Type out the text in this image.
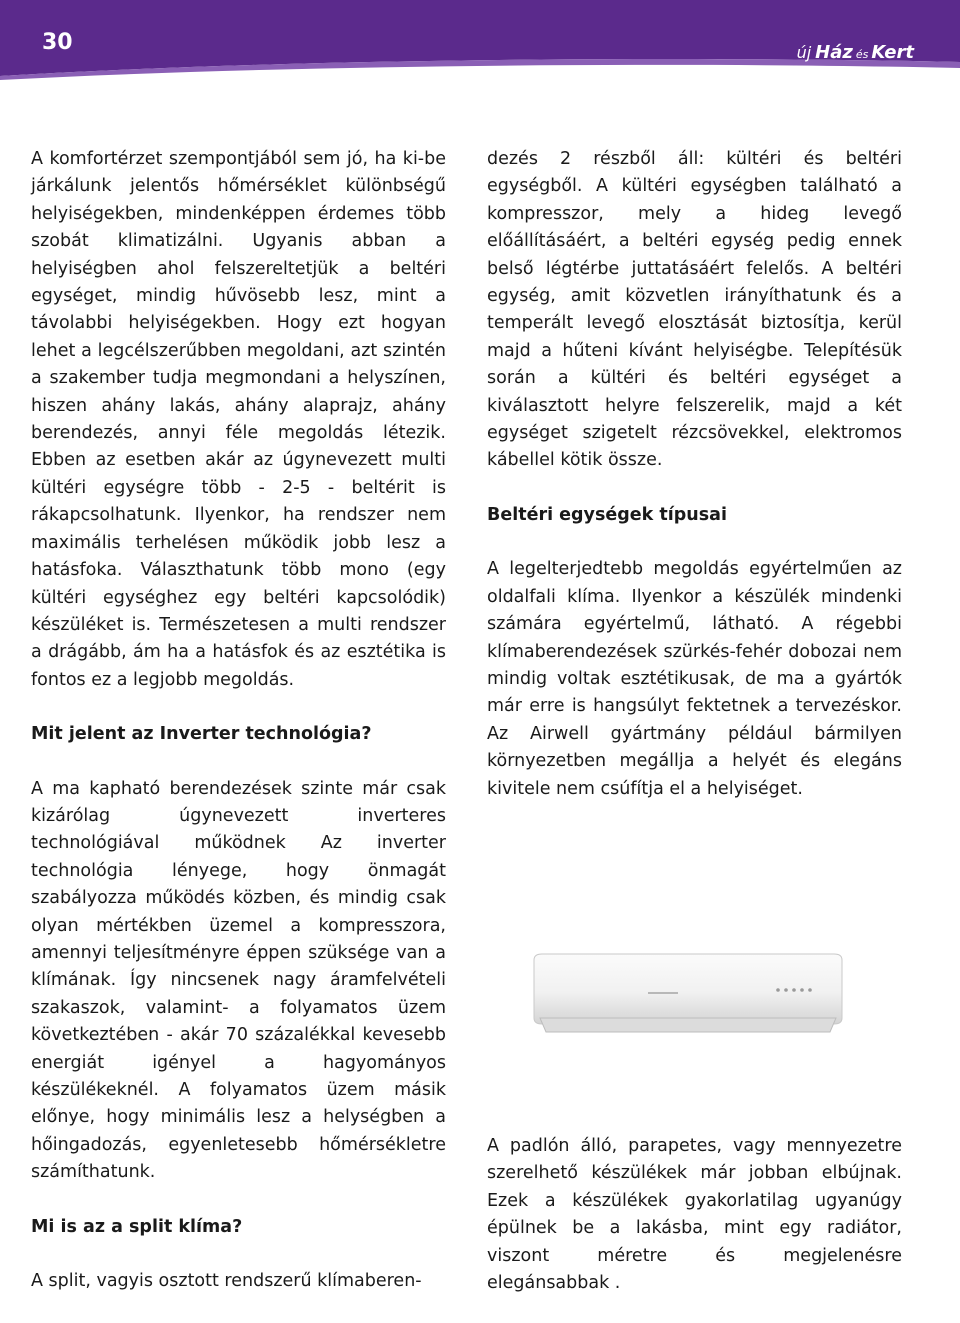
30	új Ház és Kert

A komfortérzet szempontjából sem jó, ha ki-be járkálunk jelentős hőmérséklet különbségű helyiségekben, mindenképpen érdemes több szobát klimatizálni. Ugyanis abban a helyiségben ahol felszereltetjük a beltéri egységet, mindig hűvösebb lesz, mint a távolabbi helyiségekben. Hogy ezt hogyan lehet a legcélszerűbben megoldani, azt szintén a szakember tudja megmondani a helyszínen, hiszen ahány lakás, ahány alaprajz, ahány berendezés, annyi féle megoldás létezik. Ebben az esetben akár az úgynevezett multi kültéri egységre több - 2-5 - beltérit is rákapcsolhatunk. Ilyenkor, ha rendszer nem maximális terhelésen működik jobb lesz a hatásfoka. Választhatunk több mono (egy kültéri egységhez egy beltéri kapcsolódik) készüléket is. Természetesen a multi rendszer a drágább, ám ha a hatásfok és az esztétika is fontos ez a legjobb megoldás.

Mit jelent az Inverter technológia?

A ma kapható berendezések szinte már csak kizárólag úgynevezett inverteres technológiával működnek Az inverter technológia lényege, hogy önmagát szabályozza működés közben, és mindig csak olyan mértékben üzemel a kompresszora, amennyi teljesítményre éppen szüksége van a klímának. Így nincsenek nagy áramfelvételi szakaszok, valamint- a folyamatos üzem következtében - akár 70 százalékkal kevesebb energiát igényel a hagyományos készülékeknél. A folyamatos üzem másik előnye, hogy minimális lesz a helységben a hőingadozás, egyenletesebb hőmérsékletre számíthatunk.

Mi is az a split klíma?

A split, vagyis osztott rendszerű klímaberen-

dezés 2 részből áll: kültéri és beltéri egységből. A kültéri egységben található a kompresszor, mely a hideg levegő előállításáért, a beltéri egység pedig ennek belső légtérbe juttatásáért felelős. A beltéri egység, amit közvetlen irányíthatunk és a temperált levegő elosztását biztosítja, kerül majd a hűteni kívánt helyiségbe. Telepítésük során a kültéri és beltéri egységet a kiválasztott helyre felszerelik, majd a két egységet szigetelt rézcsövekkel, elektromos kábellel kötik össze.

Beltéri egységek típusai

A legelterjedtebb megoldás egyértelműen az oldalfali klíma. Ilyenkor a készülék mindenki számára egyértelmű, látható. A régebbi klímaberendezések szürkés-fehér dobozai nem mindig voltak esztétikusak, de ma a gyártók már erre is hangsúlyt fektetnek a tervezéskor. Az Airwell gyártmány például bármilyen környezetben megállja a helyét és elegáns kivitele nem csúfítja el a helyiséget.

A padlón álló, parapetes, vagy mennyezetre szerelhető készülékek már jobban elbújnak. Ezek a készülékek gyakorlatilag ugyanúgy épülnek be a lakásba, mint egy radiátor, viszont méretre és megjelenésre elegánsabbak .
